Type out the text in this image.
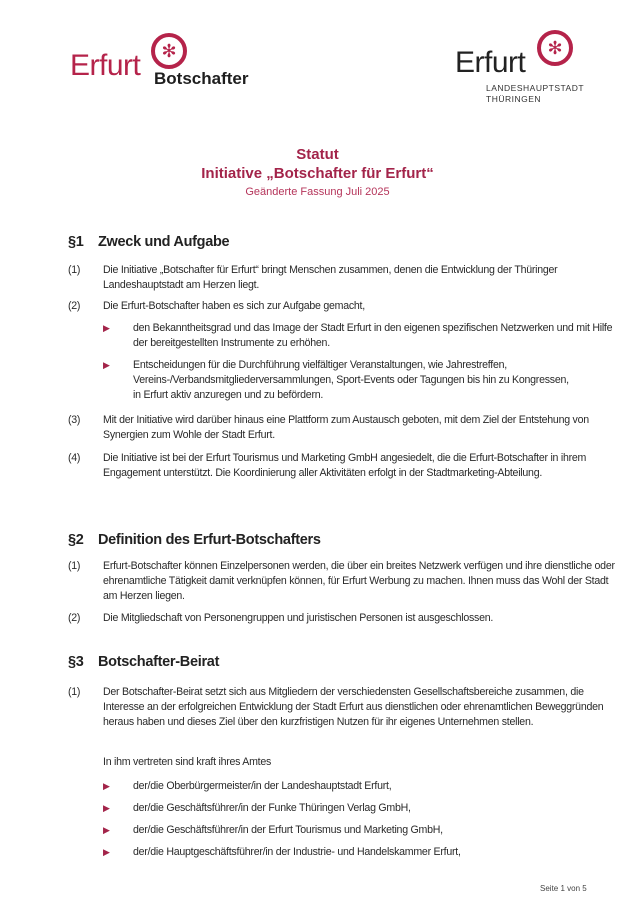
Erfurt	✻
Botschafter	Erfurt	✻
LANDESHAUPTSTADT
THÜRINGEN
Statut
Initiative „Botschafter für Erfurt“
Geänderte Fassung Juli 2025
§1 Zweck und Aufgabe
(1)	Die Initiative „Botschafter für Erfurt“ bringt Menschen zusammen, denen die Entwicklung der Thüringer Landeshauptstadt am Herzen liegt.
(2)	Die Erfurt-Botschafter haben es sich zur Aufgabe gemacht,
▶	den Bekanntheitsgrad und das Image der Stadt Erfurt in den eigenen spezifischen Netzwerken und mit Hilfe der bereitgestellten Instrumente zu erhöhen.
▶	Entscheidungen für die Durchführung vielfältiger Veranstaltungen, wie Jahrestreffen, Vereins-/Verbandsmitgliederversammlungen, Sport-Events oder Tagungen bis hin zu Kongressen, in Erfurt aktiv anzuregen und zu befördern.
(3)	Mit der Initiative wird darüber hinaus eine Plattform zum Austausch geboten, mit dem Ziel der Entstehung von Synergien zum Wohle der Stadt Erfurt.
(4)	Die Initiative ist bei der Erfurt Tourismus und Marketing GmbH angesiedelt, die die Erfurt-Botschafter in ihrem Engagement unterstützt. Die Koordinierung aller Aktivitäten erfolgt in der Stadtmarketing-Abteilung.
§2 Definition des Erfurt-Botschafters
(1)	Erfurt-Botschafter können Einzelpersonen werden, die über ein breites Netzwerk verfügen und ihre dienstliche oder ehrenamtliche Tätigkeit damit verknüpfen können, für Erfurt Werbung zu machen. Ihnen muss das Wohl der Stadt am Herzen liegen.
(2)	Die Mitgliedschaft von Personengruppen und juristischen Personen ist ausgeschlossen.
§3 Botschafter-Beirat
(1)	Der Botschafter-Beirat setzt sich aus Mitgliedern der verschiedensten Gesellschaftsbereiche zusammen, die Interesse an der erfolgreichen Entwicklung der Stadt Erfurt aus dienstlichen oder ehrenamtlichen Beweggründen heraus haben und dieses Ziel über den kurzfristigen Nutzen für ihr eigenes Unternehmen stellen.
In ihm vertreten sind kraft ihres Amtes
▶	der/die Oberbürgermeister/in der Landeshauptstadt Erfurt,
▶	der/die Geschäftsführer/in der Funke Thüringen Verlag GmbH,
▶	der/die Geschäftsführer/in der Erfurt Tourismus und Marketing GmbH,
▶	der/die Hauptgeschäftsführer/in der Industrie- und Handelskammer Erfurt,
Seite 1 von 5
